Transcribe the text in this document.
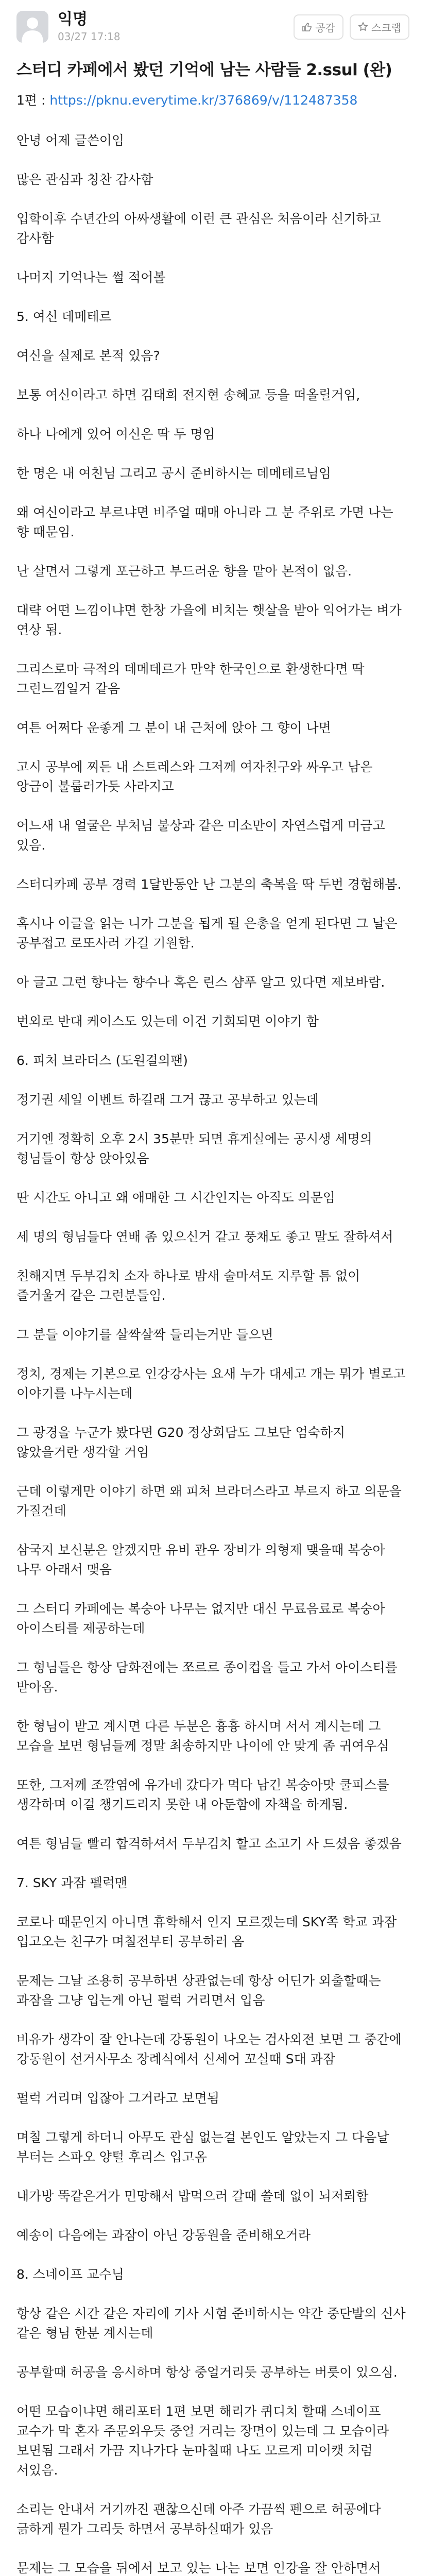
익명
03/27 17:18
공감	스크랩
스터디 카페에서 봤던 기억에 남는 사람들 2.ssul (완)

1편 : https://pknu.everytime.kr/376869/v/112487358

안녕 어제 글쓴이임

많은 관심과 칭찬 감사함

입학이후 수년간의 아싸생활에 이런 큰 관심은 처음이라 신기하고 감사함

나머지 기억나는 썰 적어볼

5. 여신 데메테르

여신을 실제로 본적 있음?

보통 여신이라고 하면 김태희 전지현 송혜교 등을 떠올릴거임,

하나 나에게 있어 여신은 딱 두 명임

한 명은 내 여친님 그리고 공시 준비하시는 데메테르님임

왜 여신이라고 부르냐면 비주얼 때매 아니라 그 분 주위로 가면 나는 향 때문임.

난 살면서 그렇게 포근하고 부드러운 향을 맡아 본적이 없음.

대략 어떤 느낌이냐면 한창 가을에 비치는 햇살을 받아 익어가는 벼가 연상 됨.

그리스로마 극적의 데메테르가 만약 한국인으로 환생한다면 딱 그런느낌일거 같음

여튼 어쩌다 운좋게 그 분이 내 근처에 앉아 그 향이 나면

고시 공부에 찌든 내 스트레스와 그저께 여자친구와 싸우고 남은 앙금이 불룹러가듯 사라지고

어느새 내 얼굴은 부처님 불상과 같은 미소만이 자연스럽게 머금고 있음.

스터디카페 공부 경력 1달반동안 난 그분의 축복을 딱 두번 경험해봄.

혹시나 이글을 읽는 니가 그분을 됩게 될 은총을 얻게 된다면 그 날은 공부접고 로또사러 가길 기원함.

아 글고 그런 향나는 향수나 혹은 린스 샴푸 알고 있다면 제보바람.

번외로 반대 케이스도 있는데 이건 기회되면 이야기 함

6. 피처 브라더스 (도원결의팬)

정기권 세일 이벤트 하길래 그거 끊고 공부하고 있는데

거기엔 정확히 오후 2시 35분만 되면 휴게실에는 공시생 세명의 형님들이 항상 앉아있음

딴 시간도 아니고 왜 애매한 그 시간인지는 아직도 의문임

세 명의 형님들다 연배 좀 있으신거 같고 풍채도 좋고 말도 잘하셔서

친해지면 두부김치 소자 하나로 밤새 술마셔도 지루할 틈 없이 즐거울거 같은 그런분들임.

그 분들 이야기를 살짝살짝 들리는거만 들으면

정치, 경제는 기본으로 인강강사는 요새 누가 대세고 개는 뭐가 별로고 이야기를 나누시는데

그 광경을 누군가 봤다면 G20 정상회담도 그보단 엄숙하지 않았을거란 생각할 거임

근데 이렇게만 이야기 하면 왜 피처 브라더스라고 부르지 하고 의문을 가질건데

삼국지 보신분은 알겠지만 유비 관우 장비가 의형제 맺을때 복숭아 나무 아래서 맺음

그 스터디 카페에는 복숭아 나무는 없지만 대신 무료음료로 복숭아 아이스티를 제공하는데

그 형님들은 항상 담화전에는 쪼르르 종이컵을 들고 가서 아이스티를 받아옴.

한 형님이 받고 계시면 다른 두분은 흉흉 하시며 서서 계시는데 그 모습을 보면 형님들께 정말 최송하지만 나이에 안 맞게 좀 귀여우심

또한, 그저께 조깔염에 유가네 갔다가 먹다 남긴 복숭아맛 쿨피스를 생각하며 이걸 챙기드리지 못한 내 아둔함에 자책을 하게됨.

여튼 형님들 빨리 합격하셔서 두부김치 할고 소고기 사 드셨음 좋겠음

7. SKY 과잠 펠럭맨

코로나 때문인지 아니면 휴학해서 인지 모르겠는데 SKY쪽 학교 과잠 입고오는 친구가 며칠전부터 공부하러 옴

문제는 그날 조용히 공부하면 상관없는데 항상 어딘가 외출할때는 과잠을 그냥 입는게 아닌 펄럭 거리면서 입음

비유가 생각이 잘 안나는데 강동원이 나오는 검사외전 보면 그 중간에 강동원이 선거사무소 장례식에서 신세어 꼬실때 S대 과잠

펄럭 거리며 입잖아 그거라고 보면됨

며칠 그렇게 하더니 아무도 관심 없는걸 본인도 알았는지 그 다음날 부터는 스파오 양털 후리스 입고옴

내가방 뚝같은거가 민망해서 밥먹으러 갈때 쓸데 없이 뇌저뢰함

예송이 다음에는 과잠이 아닌 강동원을 준비해오거라

8. 스네이프 교수님

항상 같은 시간 같은 자리에 기사 시험 준비하시는 약간 중단발의 신사 같은 형님 한분 계시는데

공부할때 허공을 응시하며 항상 중얼거리듯 공부하는 버릇이 있으심.

어떤 모습이냐면 해리포터 1편 보면 해리가 퀴디치 할때 스네이프 교수가 막 혼자 주문외우듯 중얼 거리는 장면이 있는데 그 모습이라 보면됨 그래서 가끔 지나가다 눈마칠때 나도 모르게 미어캣 처럼 서있음.

소리는 안내서 거기까진 괜찮으신데 아주 가끔씩 펜으로 허공에다 긁하게 뭔가 그리듯 하면서 공부하실때가 있음

문제는 그 모습을 뒤에서 보고 있는 나는 보면 인강을 잘 안하면서
